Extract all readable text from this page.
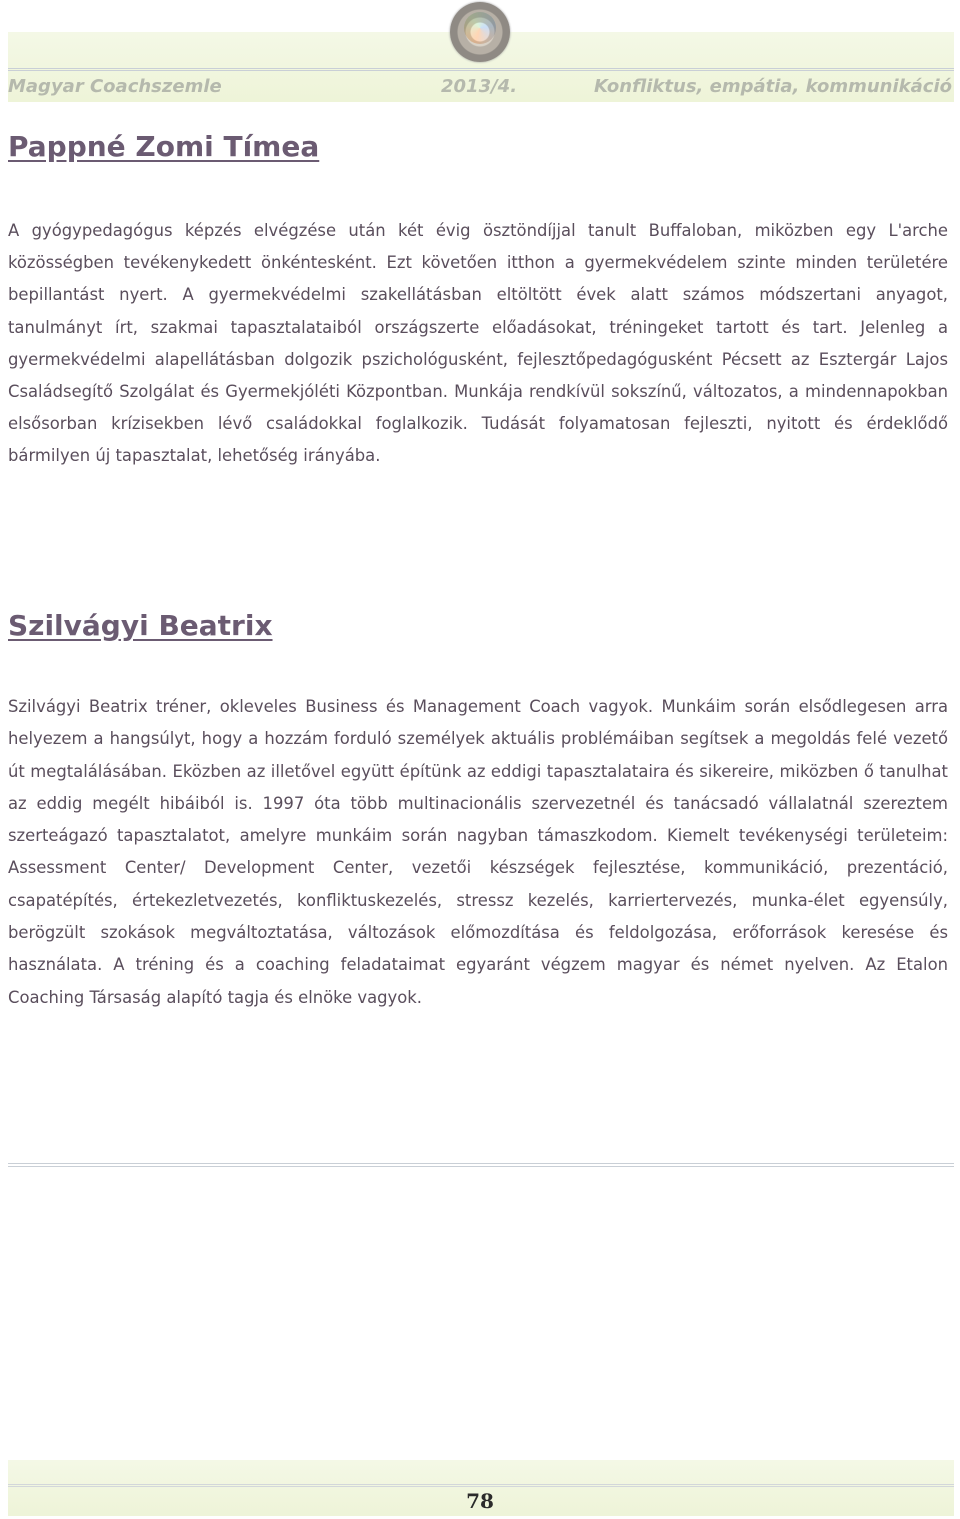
Magyar Coachszemle	2013/4.	Konfliktus, empátia, kommunikáció
Pappné Zomi Tímea

A gyógypedagógus képzés elvégzése után két évig ösztöndíjjal tanult Buffaloban, miközben egy L'arche közösségben tevékenykedett önkéntesként. Ezt követően itthon a gyermekvédelem szinte minden területére bepillantást nyert. A gyermekvédelmi szakellátásban eltöltött évek alatt számos módszertani anyagot, tanulmányt írt, szakmai tapasztalataiból országszerte előadásokat, tréningeket tartott és tart. Jelenleg a gyermekvédelmi alapellátásban dolgozik pszichológusként, fejlesztőpedagógusként Pécsett az Esztergár Lajos Családsegítő Szolgálat és Gyermekjóléti Központban. Munkája rendkívül sokszínű, változatos, a mindennapokban elsősorban krízisekben lévő családokkal foglalkozik. Tudását folyamatosan fejleszti, nyitott és érdeklődő bármilyen új tapasztalat, lehetőség irányába.

Szilvágyi Beatrix

Szilvágyi Beatrix tréner, okleveles Business és Management Coach vagyok. Munkáim során elsődlegesen arra helyezem a hangsúlyt, hogy a hozzám forduló személyek aktuális problémáiban segítsek a megoldás felé vezető út megtalálásában. Eközben az illetővel együtt építünk az eddigi tapasztalataira és sikereire, miközben ő tanulhat az eddig megélt hibáiból is. 1997 óta több multinacionális szervezetnél és tanácsadó vállalatnál szereztem szerteágazó tapasztalatot, amelyre munkáim során nagyban támaszkodom. Kiemelt tevékenységi területeim: Assessment Center/ Development Center, vezetői készségek fejlesztése, kommunikáció, prezentáció, csapatépítés, értekezletvezetés, konfliktuskezelés, stressz kezelés, karriertervezés, munka-élet egyensúly, berögzült szokások megváltoztatása, változások előmozdítása és feldolgozása, erőforrások keresése és használata. A tréning és a coaching feladataimat egyaránt végzem magyar és német nyelven. Az Etalon Coaching Társaság alapító tagja és elnöke vagyok.

78
